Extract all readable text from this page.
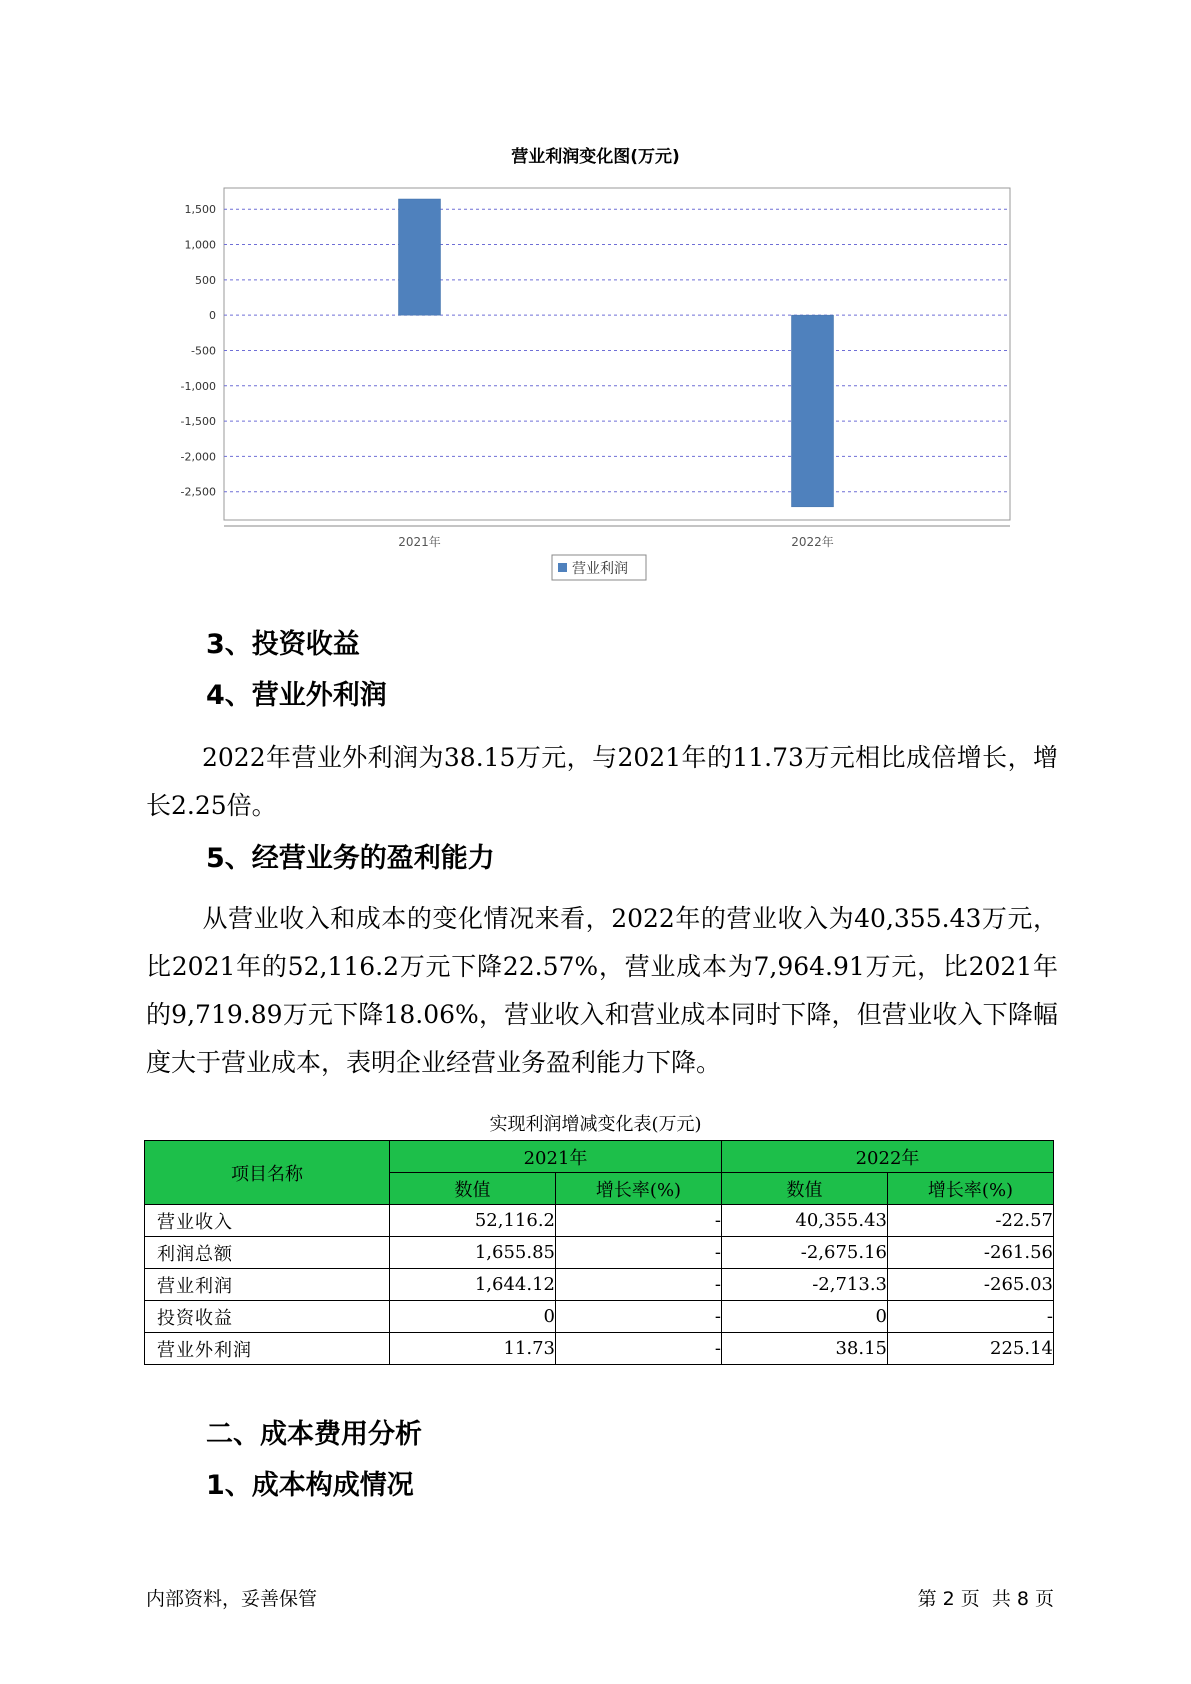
营业利润变化图(万元)
1,500
1,000
500
0
-500
-1,000
-1,500
-2,000
-2,500
2021年	2022年
营业利润
3、投资收益
4、营业外利润
2022年营业外利润为38.15万元，与2021年的11.73万元相比成倍增长，增长2.25倍。
5、经营业务的盈利能力
从营业收入和成本的变化情况来看，2022年的营业收入为40,355.43万元，比2021年的52,116.2万元下降22.57%，营业成本为7,964.91万元，比2021年的9,719.89万元下降18.06%，营业收入和营业成本同时下降，但营业收入下降幅度大于营业成本，表明企业经营业务盈利能力下降。
实现利润增减变化表(万元)
项目名称	2021年		2022年	
	数值	增长率(%)	数值	增长率(%)
营业收入	52,116.2	-	40,355.43	-22.57
利润总额	1,655.85	-	-2,675.16	-261.56
营业利润	1,644.12	-	-2,713.3	-265.03
投资收益	0	-	0	-
营业外利润	11.73	-	38.15	225.14
二、成本费用分析
1、成本构成情况
内部资料，妥善保管	第 2 页  共 8 页
